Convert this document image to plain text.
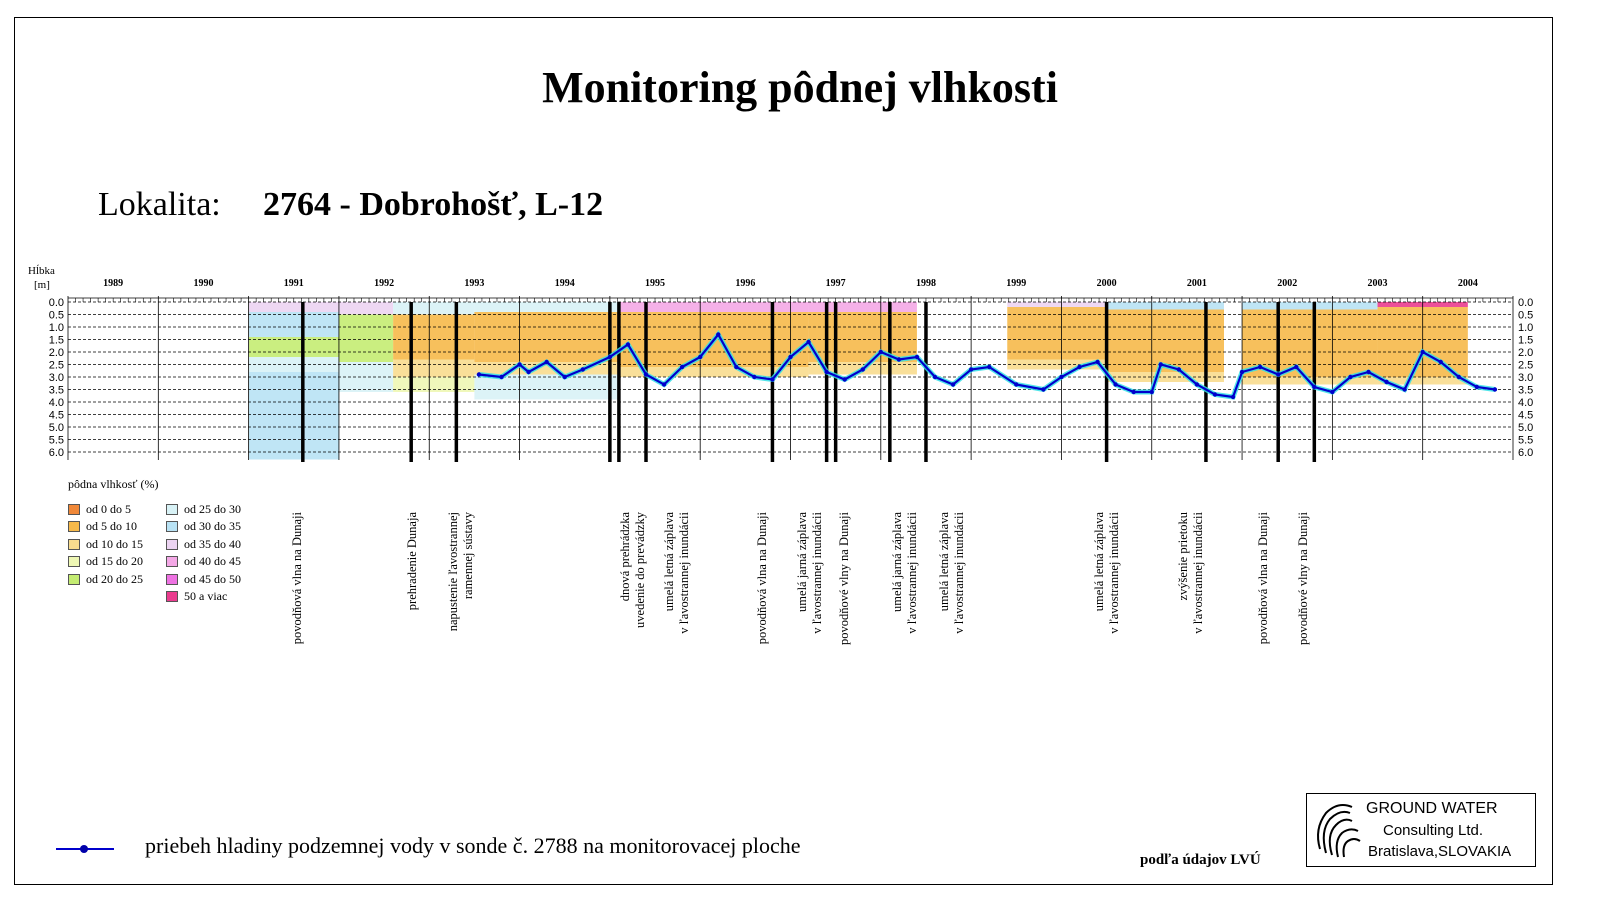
Monitoring pôdnej vlhkosti
Lokalita: 2764 - Dobrohošť, L-12
0.0	0.0
0.5	0.5
1.0	1.0
1.5	1.5
2.0	2.0
2.5	2.5
3.0	3.0
3.5	3.5
4.0	4.0
4.5	4.5
5.0	5.0
5.5	5.5
6.0	6.0
1989	1990	1991	1992	1993	1994	1995	1996	1997	1998	1999	2000	2001	2002	2003	2004
Hĺbka
[m]
pôdna vlhkosť (%)
od 0 do 5
od 5 do 10
od 10 do 15
od 15 do 20
od 20 do 25
od 25 do 30
od 30 do 35
od 35 do 40
od 40 do 45
od 45 do 50
50 a viac	povodňová vlna na Dunaji	prehradenie Dunaja napustenie ľavostrannej ramennej sústavy	dnová prehrádzka uvedenie do prevádzky umelá letná záplava v ľavostrannej inundácii	povodňová vlna na Dunaji umelá jarná záplava v ľavostrannej inundácii povodňové vlny na Dunaji	umelá jarná záplava v ľavostrannej inundácii umelá letná záplava v ľavostrannej inundácii	umelá letná záplava v ľavostrannej inundácii	zvýšenie prietoku v ľavostrannej inundácii	povodňová vlna na Dunaji povodňové vlny na Dunaji
priebeh hladiny podzemnej vody v sonde č. 2788 na monitorovacej ploche
podľa údajov LVÚ
GROUND WATER
Consulting Ltd.
Bratislava,SLOVAKIA
